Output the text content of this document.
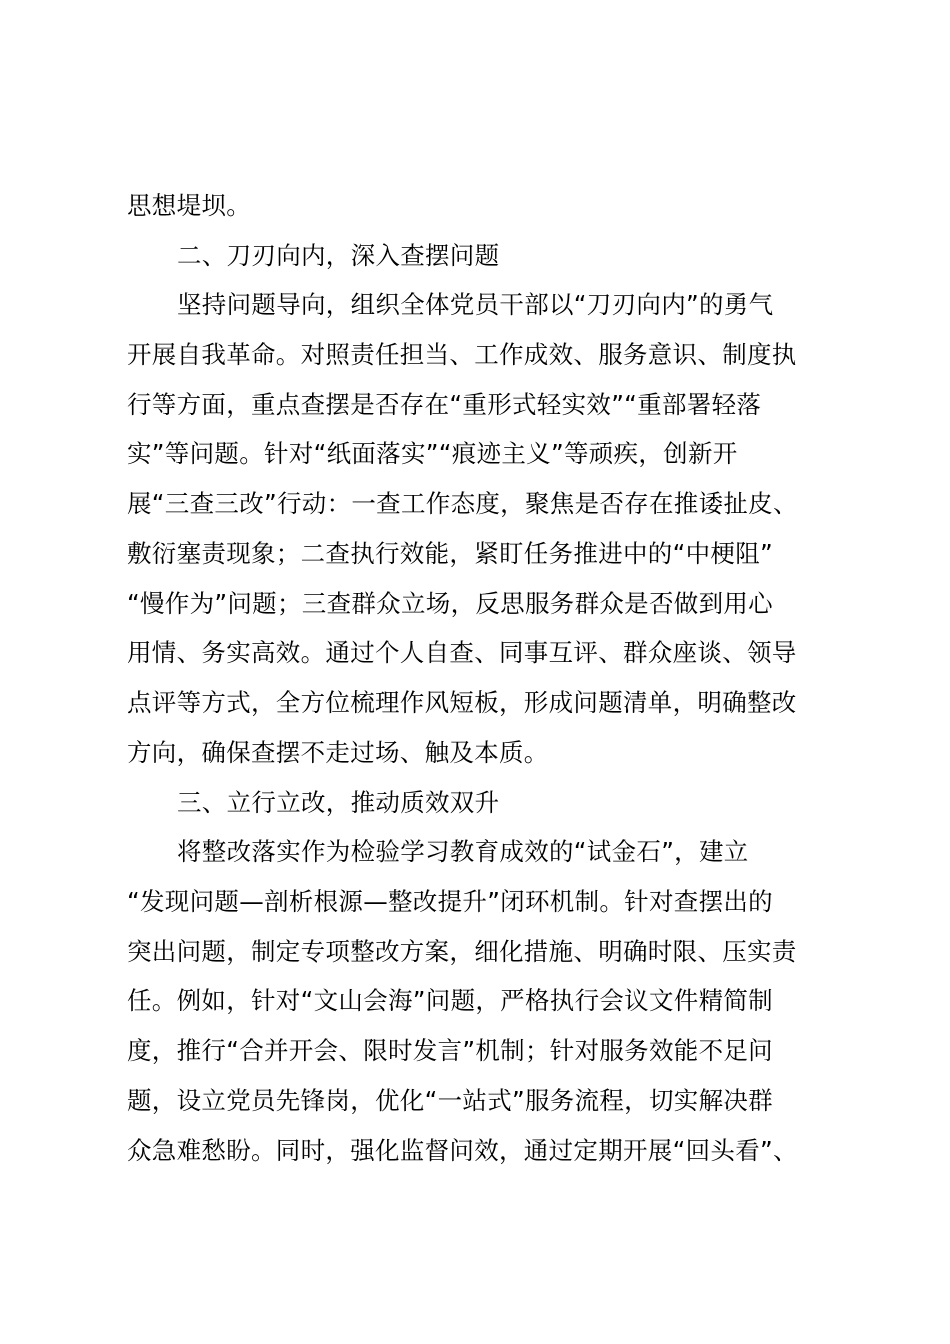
思想堤坝。
二、刀刃向内，深入查摆问题
坚持问题导向，组织全体党员干部以“刀刃向内”的勇气
开展自我革命。对照责任担当、工作成效、服务意识、制度执
行等方面，重点查摆是否存在“重形式轻实效”“重部署轻落
实”等问题。针对“纸面落实”“痕迹主义”等顽疾，创新开
展“三查三改”行动：一查工作态度，聚焦是否存在推诿扯皮、
敷衍塞责现象；二查执行效能，紧盯任务推进中的“中梗阻”
“慢作为”问题；三查群众立场，反思服务群众是否做到用心
用情、务实高效。通过个人自查、同事互评、群众座谈、领导
点评等方式，全方位梳理作风短板，形成问题清单，明确整改
方向，确保查摆不走过场、触及本质。
三、立行立改，推动质效双升
将整改落实作为检验学习教育成效的“试金石”，建立
“发现问题—剖析根源—整改提升”闭环机制。针对查摆出的
突出问题，制定专项整改方案，细化措施、明确时限、压实责
任。例如，针对“文山会海”问题，严格执行会议文件精简制
度，推行“合并开会、限时发言”机制；针对服务效能不足问
题，设立党员先锋岗，优化“一站式”服务流程，切实解决群
众急难愁盼。同时，强化监督问效，通过定期开展“回头看”、
